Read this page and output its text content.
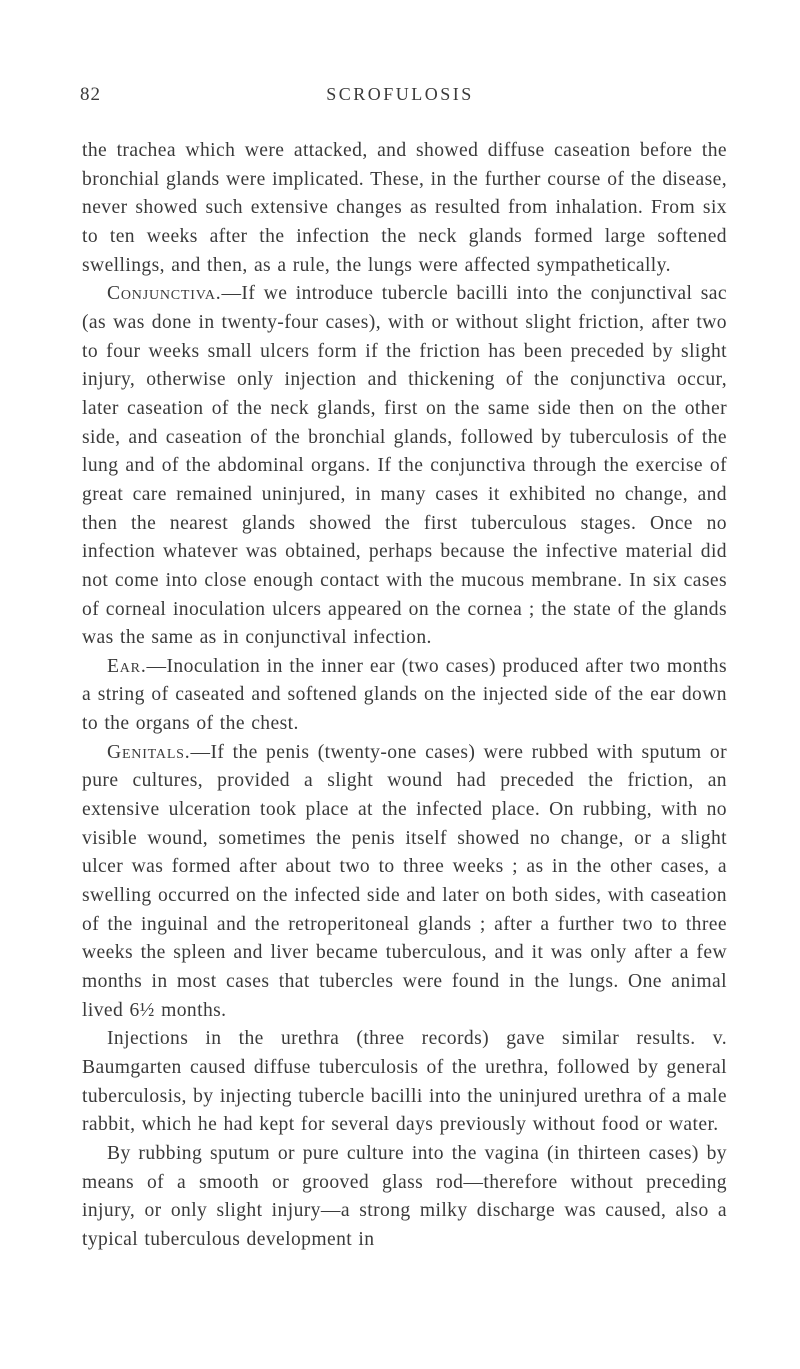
82	SCROFULOSIS

the trachea which were attacked, and showed diffuse caseation before the bronchial glands were implicated. These, in the further course of the disease, never showed such extensive changes as resulted from inhalation. From six to ten weeks after the infection the neck glands formed large softened swellings, and then, as a rule, the lungs were affected sympathetically.

Conjunctiva.—If we introduce tubercle bacilli into the conjunctival sac (as was done in twenty-four cases), with or without slight friction, after two to four weeks small ulcers form if the friction has been preceded by slight injury, otherwise only injection and thickening of the conjunctiva occur, later caseation of the neck glands, first on the same side then on the other side, and caseation of the bronchial glands, followed by tuberculosis of the lung and of the abdominal organs. If the conjunctiva through the exercise of great care remained uninjured, in many cases it exhibited no change, and then the nearest glands showed the first tuberculous stages. Once no infection whatever was obtained, perhaps because the infective material did not come into close enough contact with the mucous membrane. In six cases of corneal inoculation ulcers appeared on the cornea ; the state of the glands was the same as in conjunctival infection.

Ear.—Inoculation in the inner ear (two cases) produced after two months a string of caseated and softened glands on the injected side of the ear down to the organs of the chest.

Genitals.—If the penis (twenty-one cases) were rubbed with sputum or pure cultures, provided a slight wound had preceded the friction, an extensive ulceration took place at the infected place. On rubbing, with no visible wound, sometimes the penis itself showed no change, or a slight ulcer was formed after about two to three weeks ; as in the other cases, a swelling occurred on the infected side and later on both sides, with caseation of the inguinal and the retroperitoneal glands ; after a further two to three weeks the spleen and liver became tuberculous, and it was only after a few months in most cases that tubercles were found in the lungs. One animal lived 6½ months.

Injections in the urethra (three records) gave similar results. v. Baumgarten caused diffuse tuberculosis of the urethra, followed by general tuberculosis, by injecting tubercle bacilli into the uninjured urethra of a male rabbit, which he had kept for several days previously without food or water.

By rubbing sputum or pure culture into the vagina (in thirteen cases) by means of a smooth or grooved glass rod—therefore without preceding injury, or only slight injury—a strong milky discharge was caused, also a typical tuberculous development in
